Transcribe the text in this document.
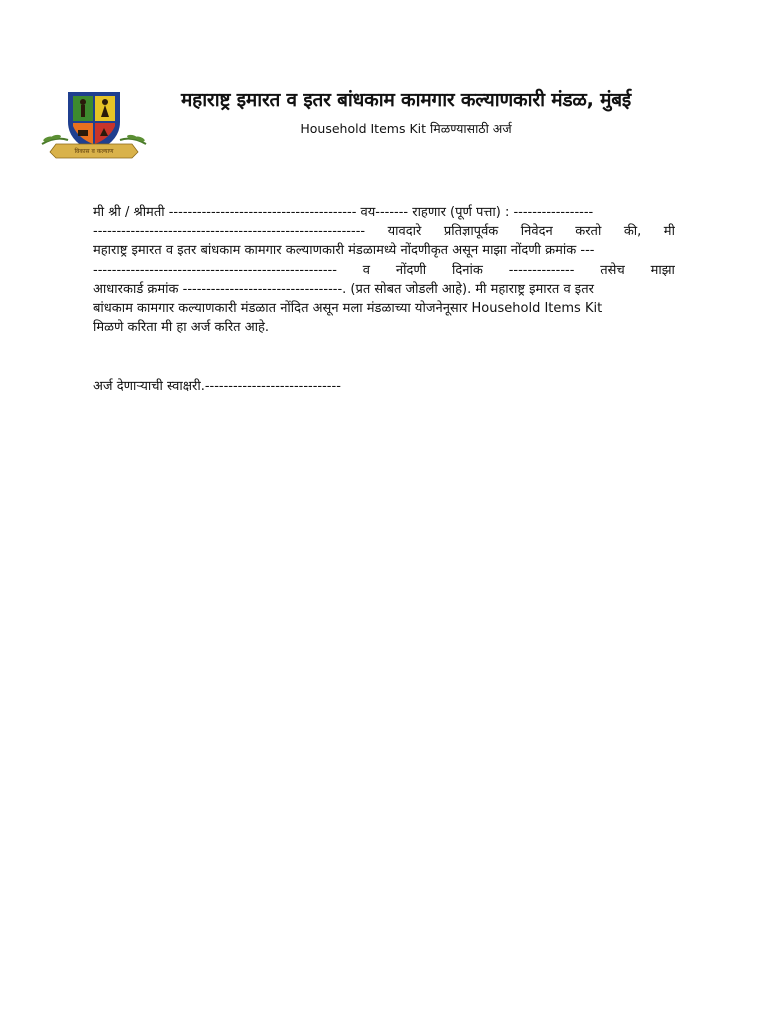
विकास व कल्याण
महाराष्ट्र इमारत व इतर बांधकाम कामगार कल्याणकारी मंडळ, मुंबई
Household Items Kit मिळण्यासाठी अर्ज
मी श्री / श्रीमती ---------------------------------------- वय------- राहणार (पूर्ण पत्ता) : -----------------
---------------------------------------------------------- यावदारे प्रतिज्ञापूर्वक निवेदन करतो की, मी
महाराष्ट्र इमारत व इतर बांधकाम कामगार कल्याणकारी मंडळामध्ये नोंदणीकृत असून माझा नोंदणी क्रमांक ---
---------------------------------------------------- व नोंदणी दिनांक -------------- तसेच माझा
आधारकार्ड क्रमांक ----------------------------------. (प्रत सोबत जोडली आहे). मी महाराष्ट्र इमारत व इतर
बांधकाम कामगार कल्याणकारी मंडळात नोंदित असून मला मंडळाच्या योजनेनूसार Household Items Kit
मिळणे करिता मी हा अर्ज करित आहे.
अर्ज देणाऱ्याची स्वाक्षरी.-----------------------------
